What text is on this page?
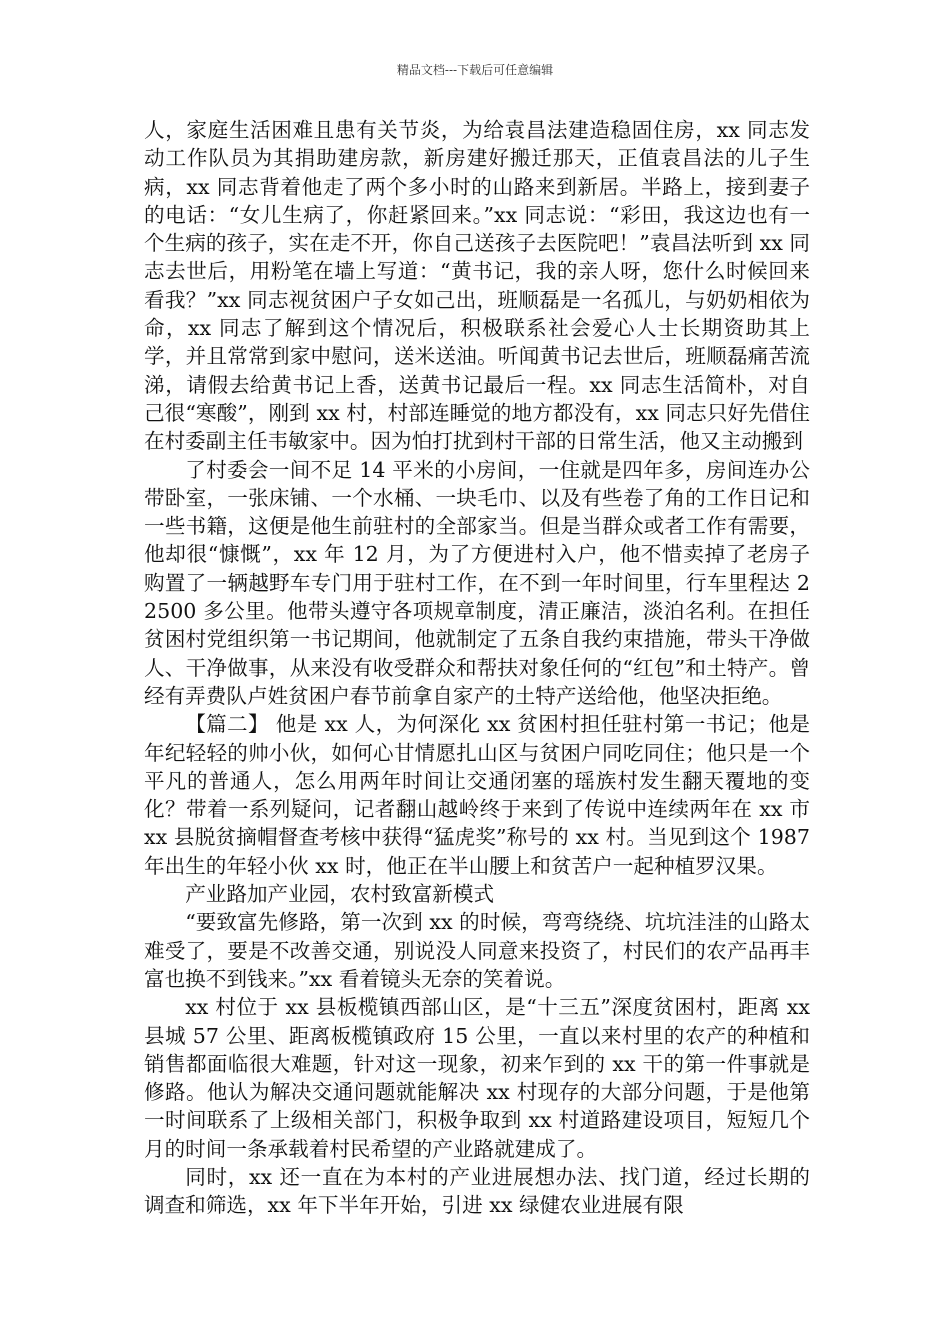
精品文档---下载后可任意编辑

人，家庭生活困难且患有关节炎，为给袁昌法建造稳固住房，xx 同志发动工作队员为其捐助建房款，新房建好搬迁那天，正值袁昌法的儿子生病，xx 同志背着他走了两个多小时的山路来到新居。半路上，接到妻子的电话：“女儿生病了，你赶紧回来。”xx 同志说：“彩田，我这边也有一个生病的孩子，实在走不开，你自己送孩子去医院吧！”袁昌法听到 xx 同志去世后，用粉笔在墙上写道：“黄书记，我的亲人呀，您什么时候回来看我？”xx 同志视贫困户子女如己出，班顺磊是一名孤儿，与奶奶相依为命，xx 同志了解到这个情况后，积极联系社会爱心人士长期资助其上学，并且常常到家中慰问，送米送油。听闻黄书记去世后，班顺磊痛苦流涕，请假去给黄书记上香，送黄书记最后一程。xx 同志生活简朴，对自己很“寒酸”，刚到 xx 村，村部连睡觉的地方都没有，xx 同志只好先借住在村委副主任韦敏家中。因为怕打扰到村干部的日常生活，他又主动搬到

了村委会一间不足 14 平米的小房间，一住就是四年多，房间连办公带卧室，一张床铺、一个水桶、一块毛巾、以及有些卷了角的工作日记和一些书籍，这便是他生前驻村的全部家当。但是当群众或者工作有需要，他却很“慷慨”，xx 年 12 月，为了方便进村入户，他不惜卖掉了老房子购置了一辆越野车专门用于驻村工作，在不到一年时间里，行车里程达 22500 多公里。他带头遵守各项规章制度，清正廉洁，淡泊名利。在担任贫困村党组织第一书记期间，他就制定了五条自我约束措施，带头干净做人、干净做事，从来没有收受群众和帮扶对象任何的“红包”和土特产。曾经有弄费队卢姓贫困户春节前拿自家产的土特产送给他，他坚决拒绝。

【篇二】 他是 xx 人，为何深化 xx 贫困村担任驻村第一书记；他是年纪轻轻的帅小伙，如何心甘情愿扎山区与贫困户同吃同住；他只是一个平凡的普通人，怎么用两年时间让交通闭塞的瑶族村发生翻天覆地的变化？带着一系列疑问，记者翻山越岭终于来到了传说中连续两年在 xx 市 xx 县脱贫摘帽督查考核中获得“猛虎奖”称号的 xx 村。当见到这个 1987 年出生的年轻小伙 xx 时，他正在半山腰上和贫苦户一起种植罗汉果。

产业路加产业园，农村致富新模式

“要致富先修路，第一次到 xx 的时候，弯弯绕绕、坑坑洼洼的山路太难受了，要是不改善交通，别说没人同意来投资了，村民们的农产品再丰富也换不到钱来。”xx 看着镜头无奈的笑着说。

xx 村位于 xx 县板榄镇西部山区，是“十三五”深度贫困村，距离 xx 县城 57 公里、距离板榄镇政府 15 公里，一直以来村里的农产的种植和销售都面临很大难题，针对这一现象，初来乍到的 xx 干的第一件事就是修路。他认为解决交通问题就能解决 xx 村现存的大部分问题，于是他第一时间联系了上级相关部门，积极争取到 xx 村道路建设项目，短短几个月的时间一条承载着村民希望的产业路就建成了。

同时，xx 还一直在为本村的产业进展想办法、找门道，经过长期的调查和筛选，xx 年下半年开始，引进 xx 绿健农业进展有限
